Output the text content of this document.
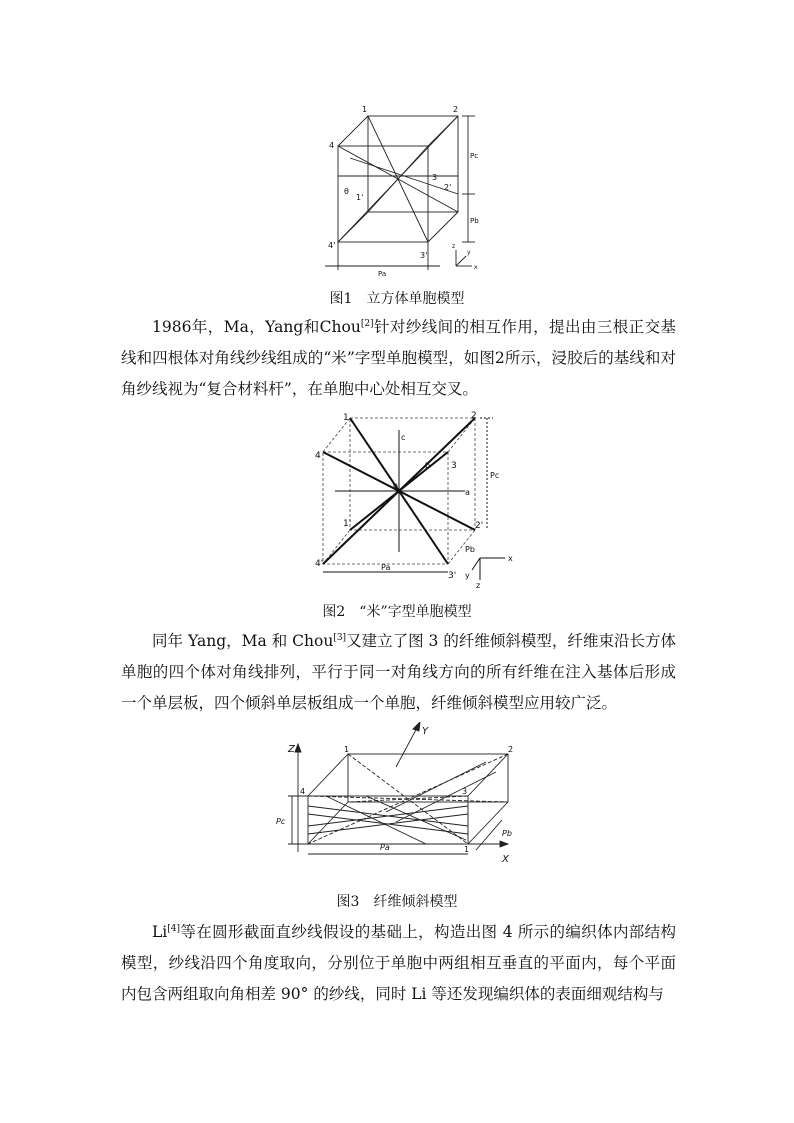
1	2
3
4
1'
2'
3'
4'
θ
Pc
Pb
Pa
z
y
x
图1　立方体单胞模型

1986年，Ma，Yang和Chou[2]针对纱线间的相互作用，提出由三根正交基线和四根体对角线纱线组成的“米”字型单胞模型，如图2所示，浸胶后的基线和对角纱线视为“复合材料杆”，在单胞中心处相互交叉。

1	2
3
4
1'	2'
3'
4'
a
b
c
o
Pc
Pb
Pa
x
y
z
图2　“米”字型单胞模型

同年 Yang，Ma 和 Chou[3]又建立了图 3 的纤维倾斜模型，纤维束沿长方体单胞的四个体对角线排列，平行于同一对角线方向的所有纤维在注入基体后形成一个单层板，四个倾斜单层板组成一个单胞，纤维倾斜模型应用较广泛。

Z
Y
X
1	2
3
4
1
Pc
Pb
Pa
图3　纤维倾斜模型

Li[4]等在圆形截面直纱线假设的基础上，构造出图 4 所示的编织体内部结构模型，纱线沿四个角度取向，分别位于单胞中两组相互垂直的平面内，每个平面内包含两组取向角相差 90° 的纱线，同时 Li 等还发现编织体的表面细观结构与
